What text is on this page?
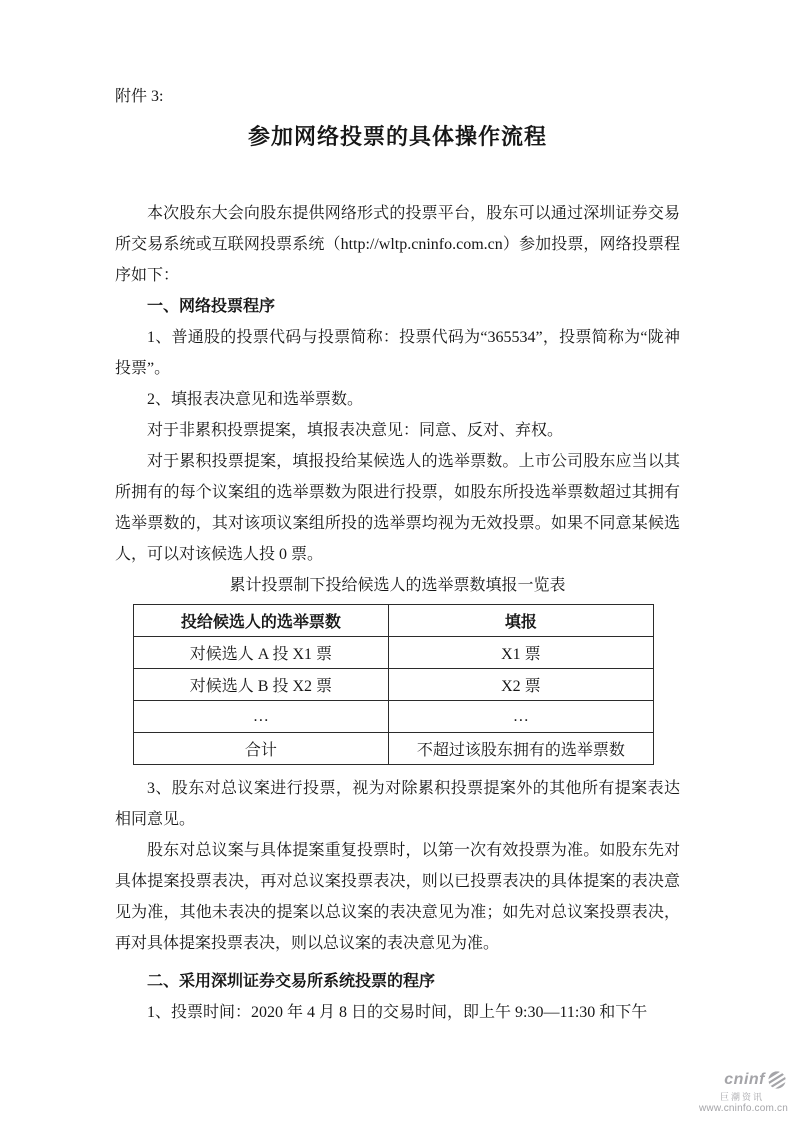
附件 3:

参加网络投票的具体操作流程

本次股东大会向股东提供网络形式的投票平台，股东可以通过深圳证券交易所交易系统或互联网投票系统（http://wltp.cninfo.com.cn）参加投票，网络投票程序如下：

一、网络投票程序

1、普通股的投票代码与投票简称：投票代码为“365534”，投票简称为“陇神投票”。

2、填报表决意见和选举票数。

对于非累积投票提案，填报表决意见：同意、反对、弃权。

对于累积投票提案，填报投给某候选人的选举票数。上市公司股东应当以其所拥有的每个议案组的选举票数为限进行投票，如股东所投选举票数超过其拥有选举票数的，其对该项议案组所投的选举票均视为无效投票。如果不同意某候选人，可以对该候选人投 0 票。

累计投票制下投给候选人的选举票数填报一览表

投给候选人的选举票数	填报
对候选人 A 投 X1 票	X1 票
对候选人 B 投 X2 票	X2 票
…	…
合计	不超过该股东拥有的选举票数

3、股东对总议案进行投票，视为对除累积投票提案外的其他所有提案表达相同意见。

股东对总议案与具体提案重复投票时，以第一次有效投票为准。如股东先对具体提案投票表决，再对总议案投票表决，则以已投票表决的具体提案的表决意见为准，其他未表决的提案以总议案的表决意见为准；如先对总议案投票表决，再对具体提案投票表决，则以总议案的表决意见为准。

二、采用深圳证券交易所系统投票的程序

1、投票时间：2020 年 4 月 8 日的交易时间，即上午 9:30—11:30 和下午

cninf
巨潮资讯
www.cninfo.com.cn
